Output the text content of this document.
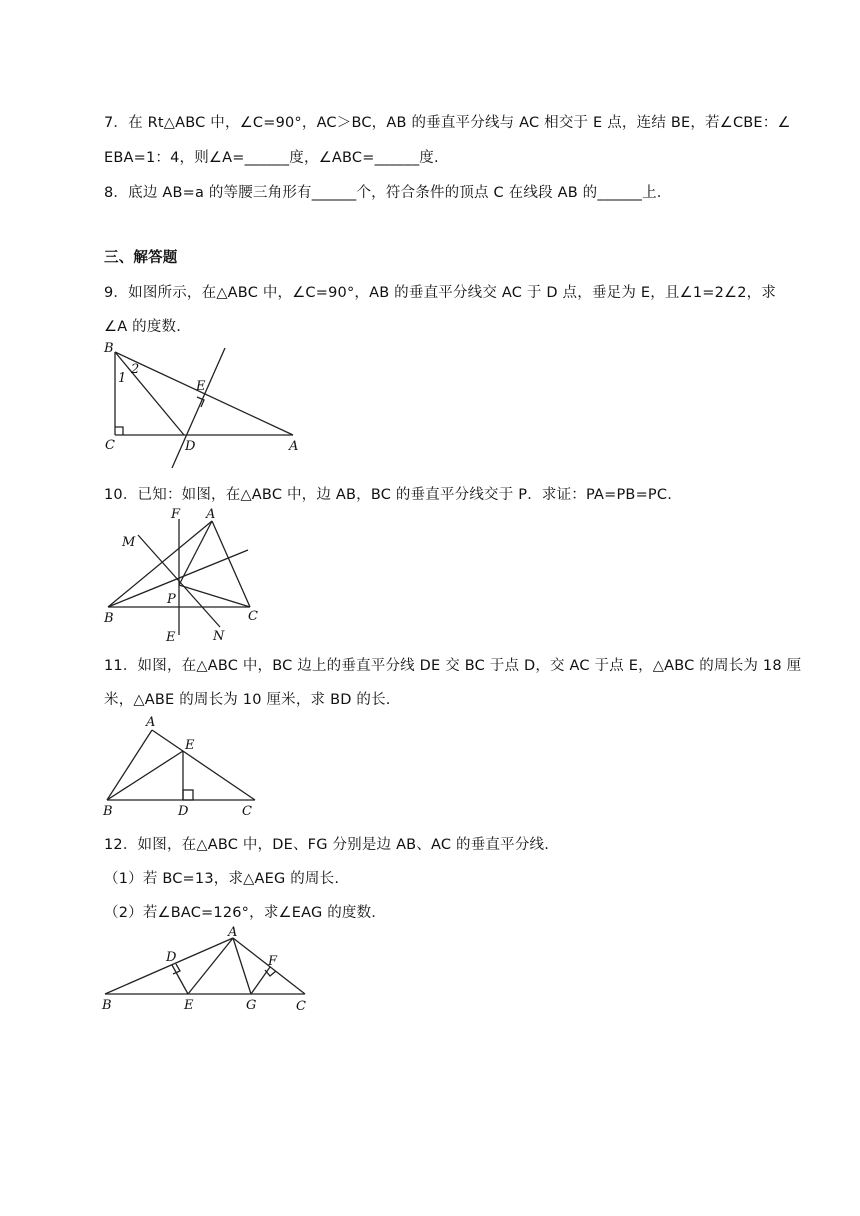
7．在 Rt△ABC 中，∠C=90°，AC＞BC，AB 的垂直平分线与 AC 相交于 E 点，连结 BE，若∠CBE：∠
EBA=1：4，则∠A=______度，∠ABC=______度.
8．底边 AB=a 的等腰三角形有______个，符合条件的顶点 C 在线段 AB 的______上.
三、解答题
9．如图所示，在△ABC 中，∠C=90°，AB 的垂直平分线交 AC 于 D 点，垂足为 E，且∠1=2∠2，求
∠A 的度数.
B
1
2
E
C	D	A
10．已知：如图，在△ABC 中，边 AB，BC 的垂直平分线交于 P．求证：PA=PB=PC.
F A
M
P
B	C
E	N
11．如图，在△ABC 中，BC 边上的垂直平分线 DE 交 BC 于点 D，交 AC 于点 E，△ABC 的周长为 18 厘
米，△ABE 的周长为 10 厘米，求 BD 的长.
A
E
B	D	C
12．如图，在△ABC 中，DE、FG 分别是边 AB、AC 的垂直平分线.
（1）若 BC=13，求△AEG 的周长.
（2）若∠BAC=126°，求∠EAG 的度数.
A
D	F
B	E	G	C
